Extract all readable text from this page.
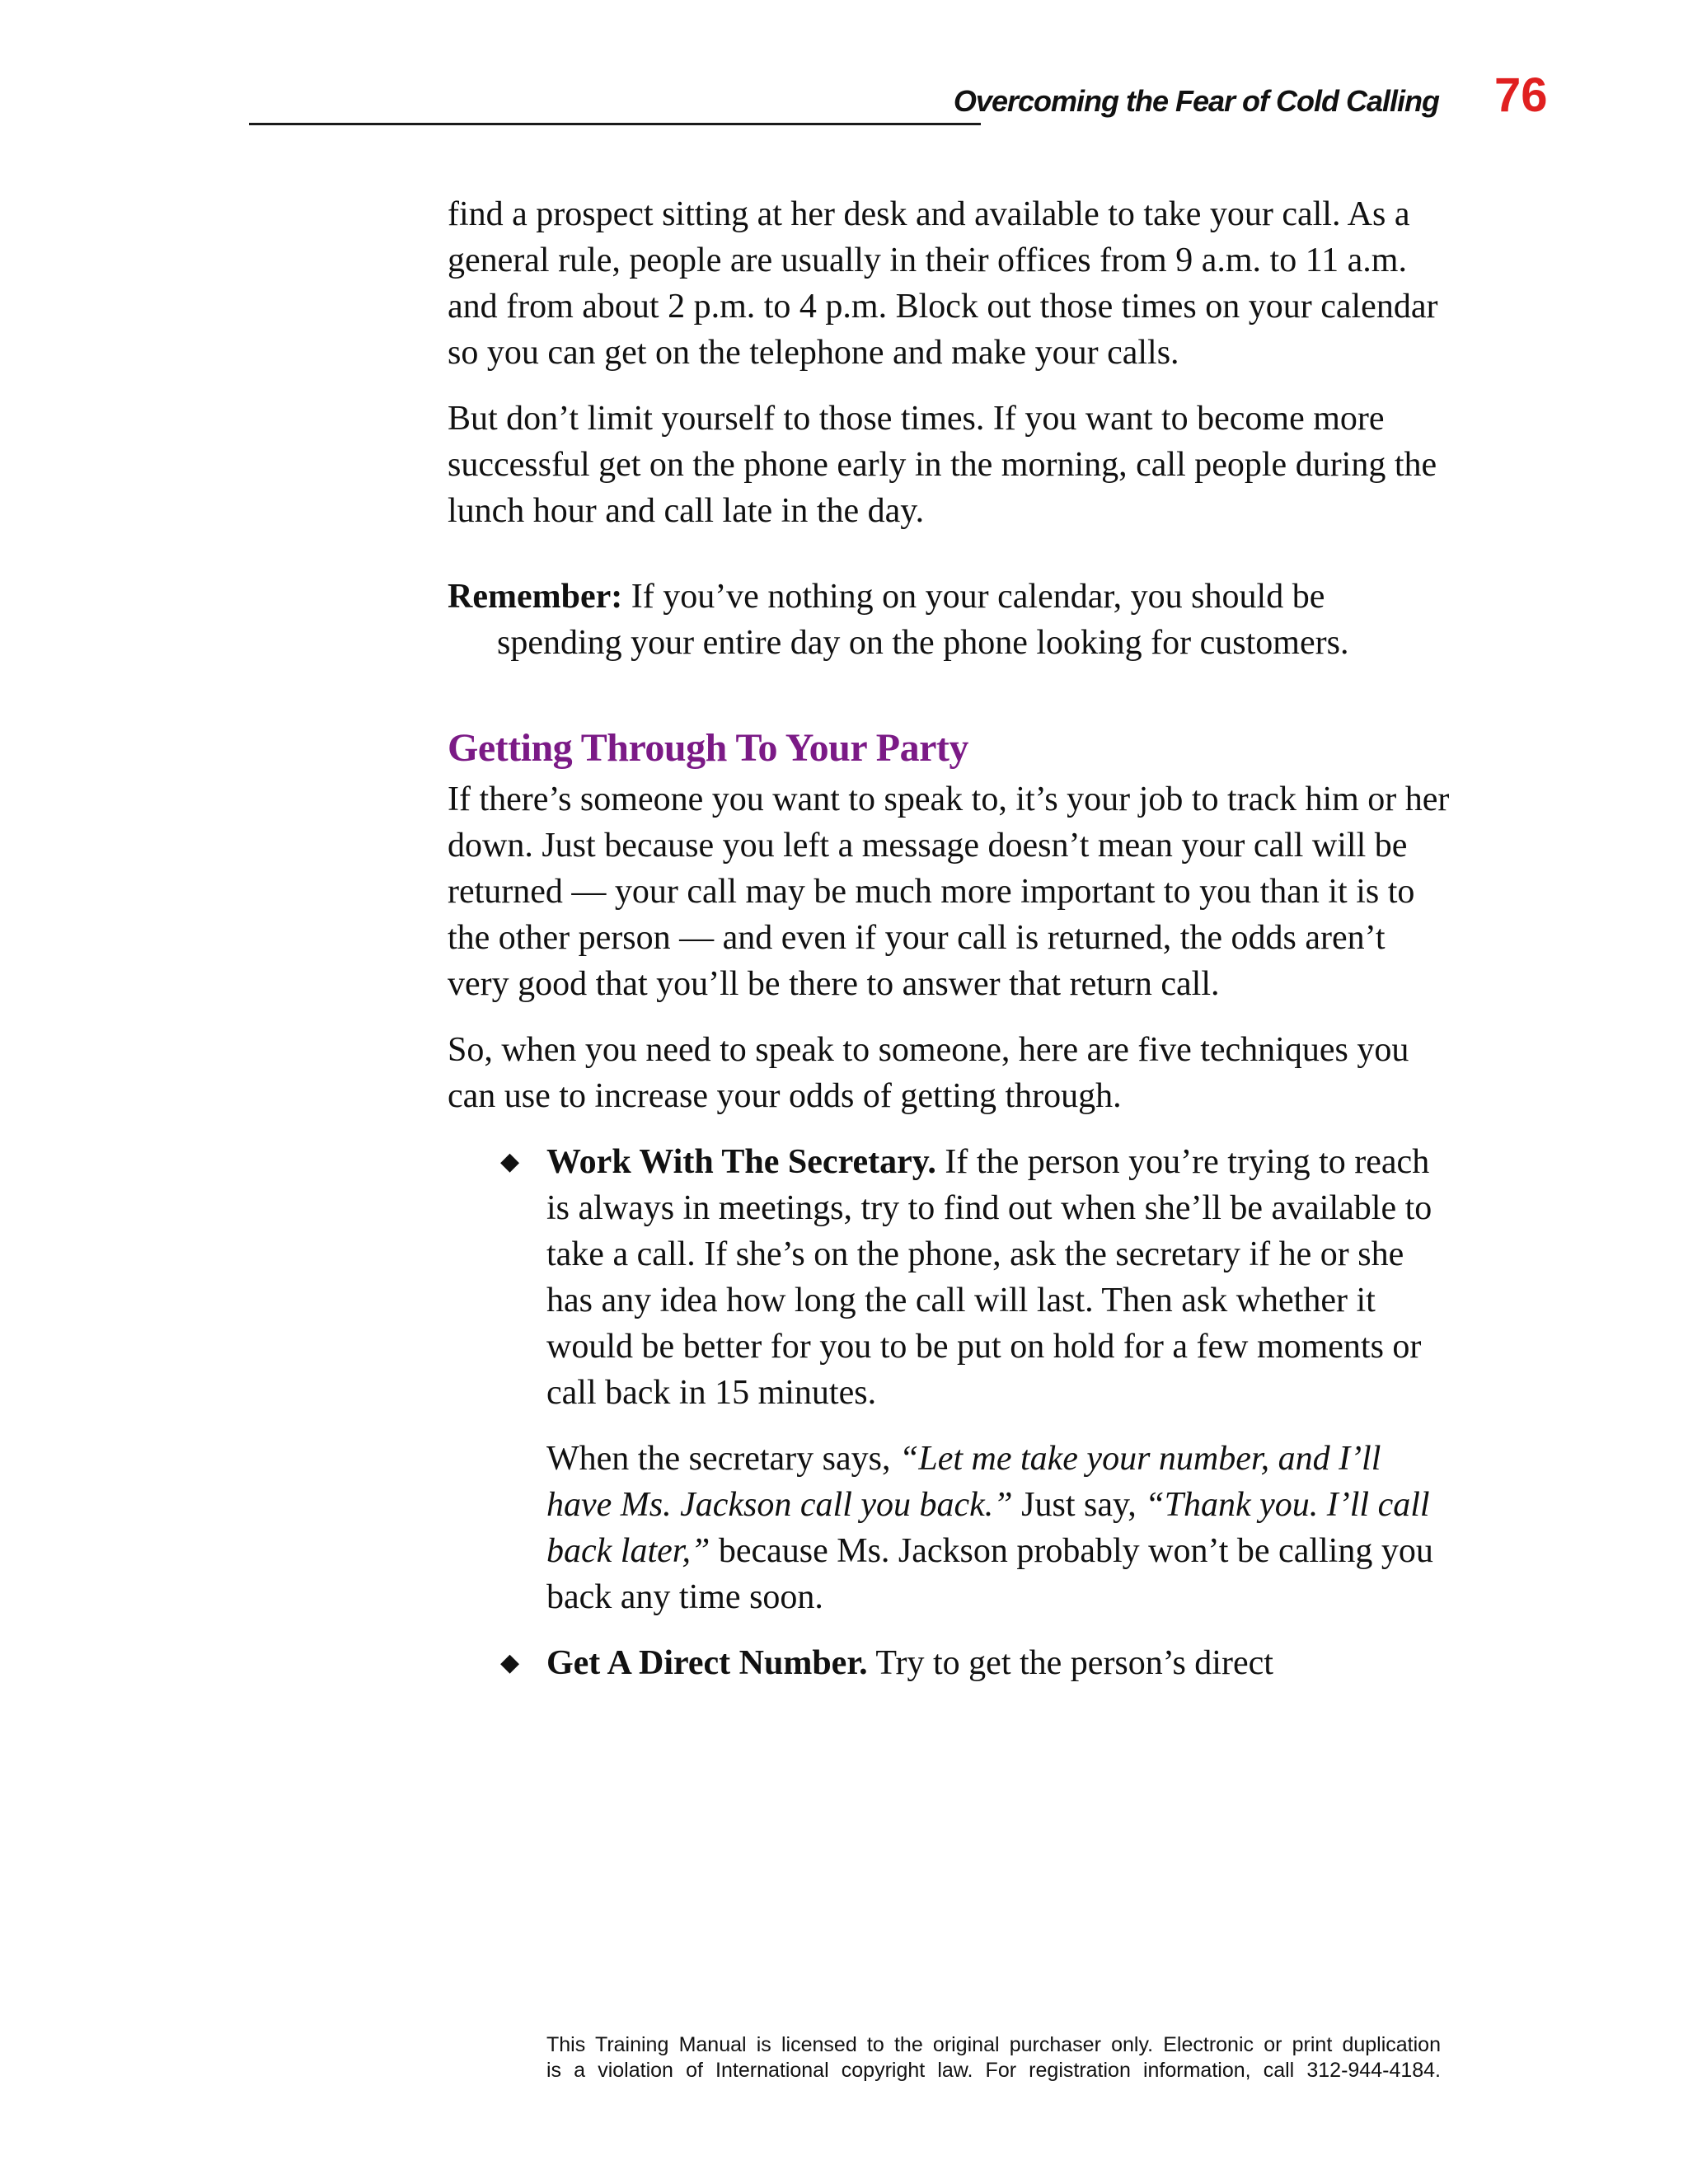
Overcoming the Fear of Cold Calling 76

find a prospect sitting at her desk and available to take your call. As a general rule, people are usually in their offices from 9 a.m. to 11 a.m. and from about 2 p.m. to 4 p.m. Block out those times on your calendar so you can get on the telephone and make your calls.

But don’t limit yourself to those times. If you want to become more successful get on the phone early in the morning, call people during the lunch hour and call late in the day.

Remember: If you’ve nothing on your calendar, you should be spending your entire day on the phone looking for customers.

Getting Through To Your Party

If there’s someone you want to speak to, it’s your job to track him or her down. Just because you left a message doesn’t mean your call will be returned — your call may be much more important to you than it is to the other person — and even if your call is returned, the odds aren’t very good that you’ll be there to answer that return call.

So, when you need to speak to someone, here are five techniques you can use to increase your odds of getting through.

◆ Work With The Secretary. If the person you’re trying to reach is always in meetings, try to find out when she’ll be available to take a call. If she’s on the phone, ask the secretary if he or she has any idea how long the call will last. Then ask whether it would be better for you to be put on hold for a few moments or call back in 15 minutes.

When the secretary says, “Let me take your number, and I’ll have Ms. Jackson call you back.” Just say, “Thank you. I’ll call back later,” because Ms. Jackson probably won’t be calling you back any time soon.

◆ Get A Direct Number. Try to get the person’s direct

This Training Manual is licensed to the original purchaser only. Electronic or print duplication
is a violation of International copyright law. For registration information, call 312-944-4184.
